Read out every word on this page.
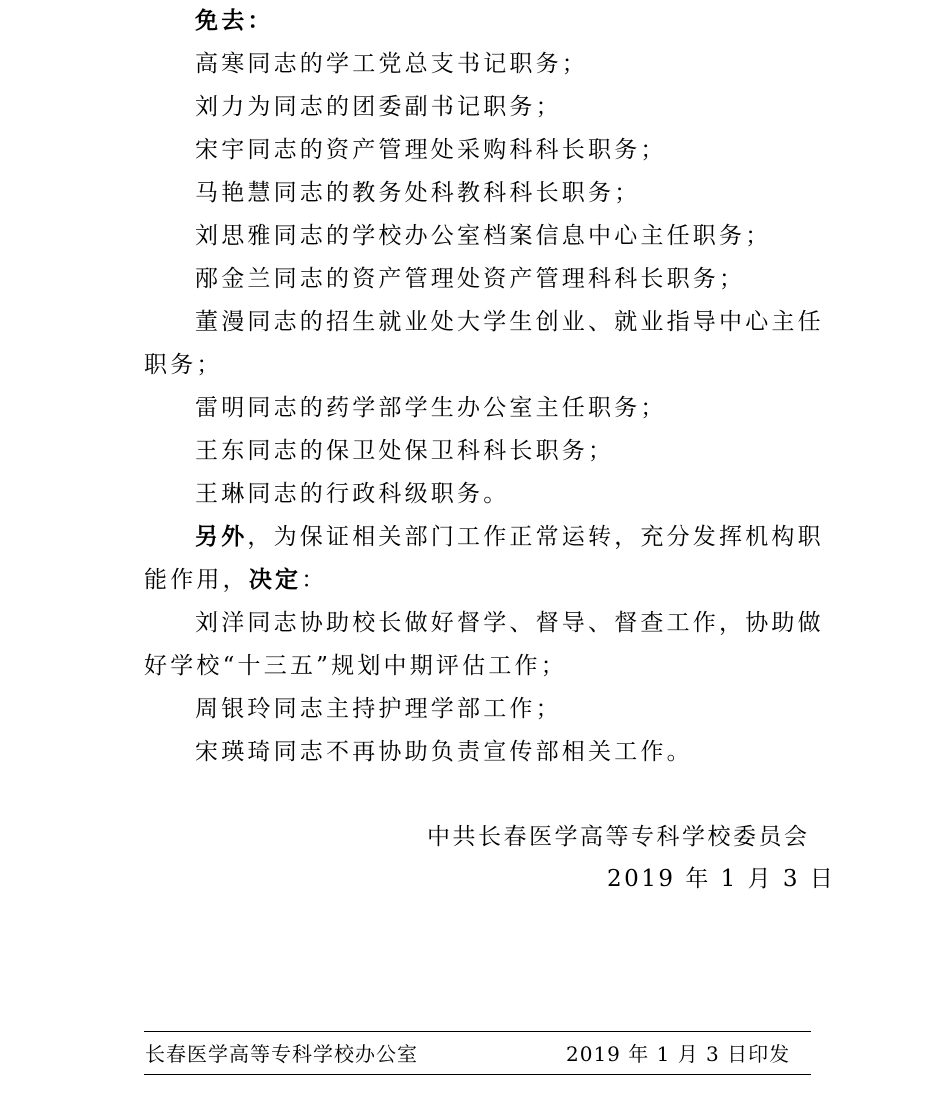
免去：
高寒同志的学工党总支书记职务；
刘力为同志的团委副书记职务；
宋宇同志的资产管理处采购科科长职务；
马艳慧同志的教务处科教科科长职务；
刘思雅同志的学校办公室档案信息中心主任职务；
邴金兰同志的资产管理处资产管理科科长职务；
董漫同志的招生就业处大学生创业、就业指导中心主任
职务；
雷明同志的药学部学生办公室主任职务；
王东同志的保卫处保卫科科长职务；
王琳同志的行政科级职务。
另外，为保证相关部门工作正常运转，充分发挥机构职
能作用，决定：
刘洋同志协助校长做好督学、督导、督查工作，协助做
好学校“十三五”规划中期评估工作；
周银玲同志主持护理学部工作；
宋瑛琦同志不再协助负责宣传部相关工作。
中共长春医学高等专科学校委员会
2019 年 1 月 3 日
长春医学高等专科学校办公室	2019 年 1 月 3 日印发
